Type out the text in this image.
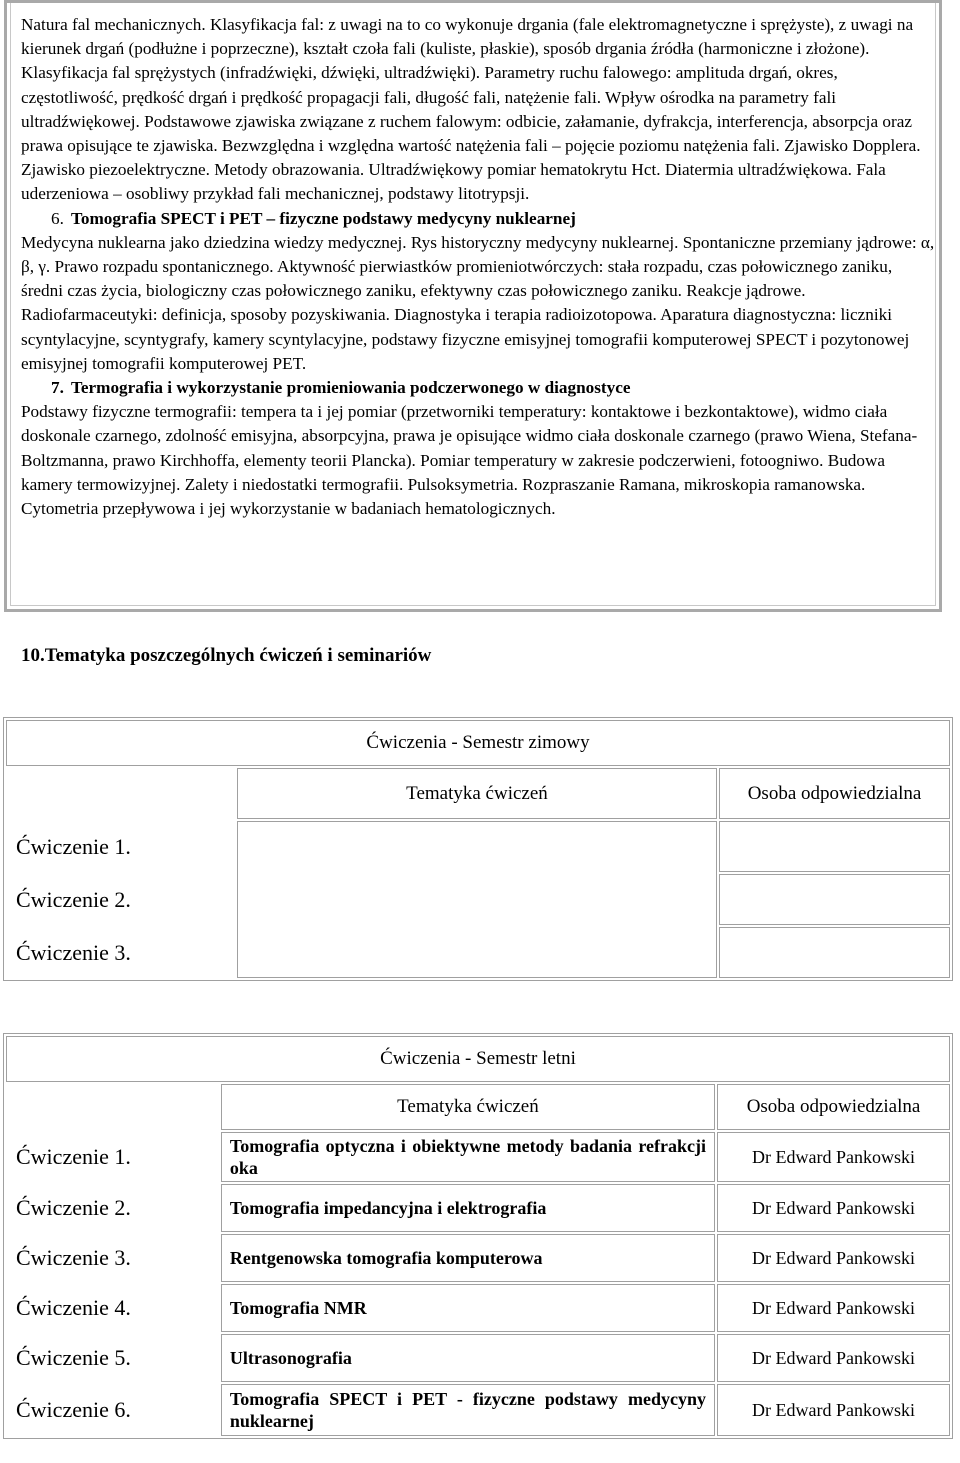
Natura fal mechanicznych. Klasyfikacja fal: z uwagi na to co wykonuje drgania (fale elektromagnetyczne i sprężyste), z uwagi na kierunek drgań (podłużne i poprzeczne), kształt czoła fali (kuliste, płaskie), sposób drgania źródła (harmoniczne i złożone). Klasyfikacja fal sprężystych (infradźwięki, dźwięki, ultradźwięki). Parametry ruchu falowego: amplituda drgań, okres, częstotliwość, prędkość drgań i prędkość propagacji fali, długość fali, natężenie fali. Wpływ ośrodka na parametry fali ultradźwiękowej. Podstawowe zjawiska związane z ruchem falowym: odbicie, załamanie, dyfrakcja, interferencja, absorpcja oraz prawa opisujące te zjawiska. Bezwzględna i względna wartość natężenia fali – pojęcie poziomu natężenia fali. Zjawisko Dopplera. Zjawisko piezoelektryczne. Metody obrazowania. Ultradźwiękowy pomiar hematokrytu Hct. Diatermia ultradźwiękowa. Fala uderzeniowa – osobliwy przykład fali mechanicznej, podstawy litotrypsji.

6. Tomografia SPECT i PET – fizyczne podstawy medycyny nuklearnej

Medycyna nuklearna jako dziedzina wiedzy medycznej. Rys historyczny medycyny nuklearnej. Spontaniczne przemiany jądrowe: α, β, γ. Prawo rozpadu spontanicznego. Aktywność pierwiastków promieniotwórczych: stała rozpadu, czas połowicznego zaniku, średni czas życia, biologiczny czas połowicznego zaniku, efektywny czas połowicznego zaniku. Reakcje jądrowe. Radiofarmaceutyki: definicja, sposoby pozyskiwania. Diagnostyka i terapia radioizotopowa. Aparatura diagnostyczna: liczniki scyntylacyjne, scyntygrafy, kamery scyntylacyjne, podstawy fizyczne emisyjnej tomografii komputerowej SPECT i pozytonowej emisyjnej tomografii komputerowej PET.

7. Termografia i wykorzystanie promieniowania podczerwonego w diagnostyce

Podstawy fizyczne termografii: tempera ta i jej pomiar (przetworniki temperatury: kontaktowe i bezkontaktowe), widmo ciała doskonale czarnego, zdolność emisyjna, absorpcyjna, prawa je opisujące widmo ciała doskonale czarnego (prawo Wiena, Stefana-Boltzmanna, prawo Kirchhoffa, elementy teorii Plancka). Pomiar temperatury w zakresie podczerwieni, fotoogniwo. Budowa kamery termowizyjnej. Zalety i niedostatki termografii. Pulsoksymetria. Rozpraszanie Ramana, mikroskopia ramanowska. Cytometria przepływowa i jej wykorzystanie w badaniach hematologicznych.

10.Tematyka poszczególnych ćwiczeń i seminariów
Ćwiczenia - Semestr zimowy		
	Tematyka ćwiczeń	Osoba odpowiedzialna
Ćwiczenie 1.		
Ćwiczenie 2.		
Ćwiczenie 3.		
Ćwiczenia - Semestr letni		
	Tematyka ćwiczeń	Osoba odpowiedzialna
Ćwiczenie 1.	Tomografia optyczna i obiektywne metody badania refrakcji oka	Dr Edward Pankowski
Ćwiczenie 2.	Tomografia impedancyjna i elektrografia	Dr Edward Pankowski
Ćwiczenie 3.	Rentgenowska tomografia komputerowa	Dr Edward Pankowski
Ćwiczenie 4.	Tomografia NMR	Dr Edward Pankowski
Ćwiczenie 5.	Ultrasonografia	Dr Edward Pankowski
Ćwiczenie 6.	Tomografia SPECT i PET - fizyczne podstawy medycyny nuklearnej	Dr Edward Pankowski
